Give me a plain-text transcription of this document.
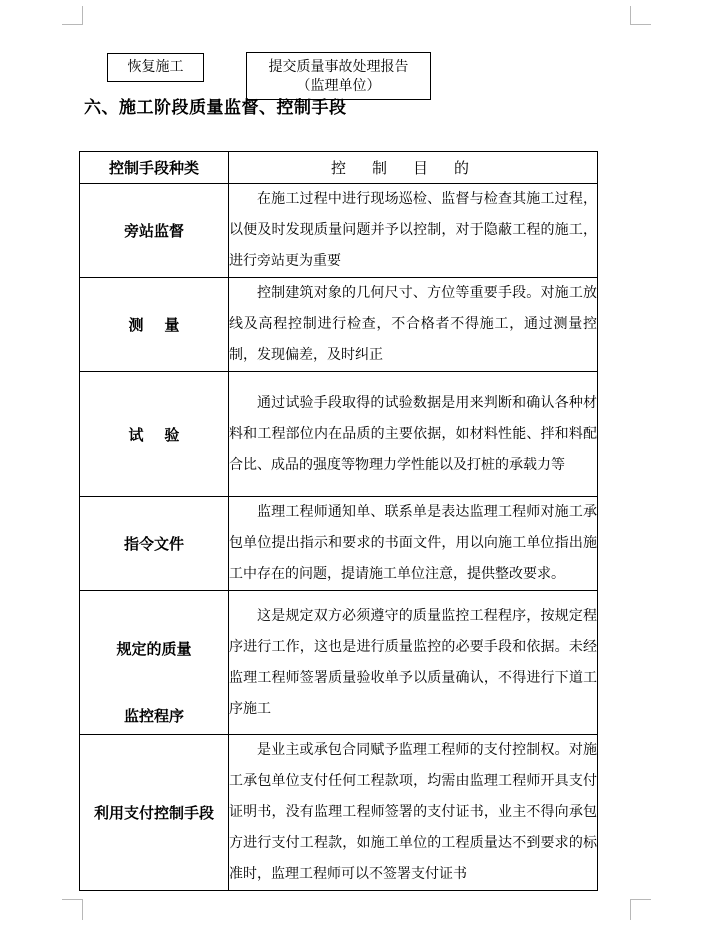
恢复施工	提交质量事故处理报告
（监理单位）
六、施工阶段质量监督、控制手段
控制手段种类	控制目的
旁站监督	在施工过程中进行现场巡检、监督与检查其施工过程，以便及时发现质量问题并予以控制，对于隐蔽工程的施工，进行旁站更为重要
测    量	控制建筑对象的几何尺寸、方位等重要手段。对施工放线及高程控制进行检查，不合格者不得施工，通过测量控制，发现偏差，及时纠正
试    验	通过试验手段取得的试验数据是用来判断和确认各种材料和工程部位内在品质的主要依据，如材料性能、拌和料配合比、成品的强度等物理力学性能以及打桩的承载力等
指令文件	监理工程师通知单、联系单是表达监理工程师对施工承包单位提出指示和要求的书面文件，用以向施工单位指出施工中存在的问题，提请施工单位注意，提供整改要求。

规定的质量
监控程序	这是规定双方必须遵守的质量监控工程程序，按规定程序进行工作，这也是进行质量监控的必要手段和依据。未经监理工程师签署质量验收单予以质量确认，不得进行下道工序施工
利用支付控制手段	是业主或承包合同赋予监理工程师的支付控制权。对施工承包单位支付任何工程款项，均需由监理工程师开具支付证明书，没有监理工程师签署的支付证书，业主不得向承包方进行支付工程款，如施工单位的工程质量达不到要求的标准时，监理工程师可以不签署支付证书
